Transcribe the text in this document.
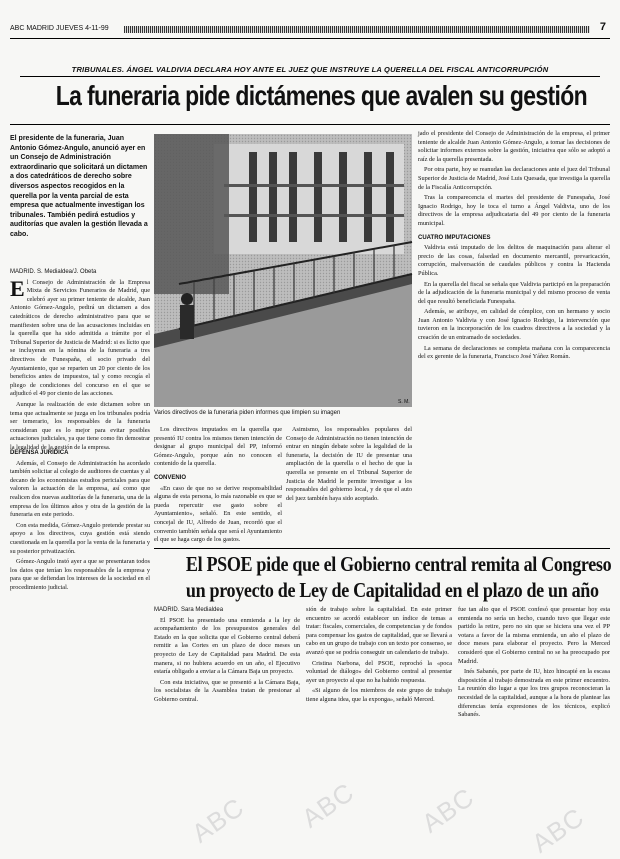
ABC MADRID JUEVES 4-11-99	7
TRIBUNALES. ÁNGEL VALDIVIA DECLARA HOY ANTE EL JUEZ QUE INSTRUYE LA QUERELLA DEL FISCAL ANTICORRUPCIÓN
La funeraria pide dictámenes que avalen su gestión
El presidente de la funeraria, Juan Antonio Gómez-Angulo, anunció ayer en un Consejo de Administración extraordinario que solicitará un dictamen a dos catedráticos de derecho sobre diversos aspectos recogidos en la querella por la venta parcial de esta empresa que actualmente investigan los tribunales. También pedirá estudios y auditorías que avalen la gestión llevada a cabo.
MADRID. S. Medialdea/J. Obeta

El Consejo de Administración de la Empresa Mixta de Servicios Funerarios de Madrid, que celebró ayer su primer teniente de alcalde, Juan Antonio Gómez-Angulo, pedirá un dictamen a dos catedráticos de derecho administrativo para que se manifiesten sobre una de las acusaciones incluidas en la querella que ha sido admitida a trámite por el Tribunal Superior de Justicia de Madrid: si es lícito que se incluyeran en la nómina de la funeraria a tres directivos de Funespaña, el socio privado del Ayuntamiento, que se reparten un 20 por ciento de los beneficios antes de impuestos, tal y como recogía el pliego de condiciones del concurso en el que se adjudicó el 49 por ciento de las acciones.

Aunque la realización de este dictamen sobre un tema que actualmente se juzga en los tribunales podría ser temerario, los responsables de la funeraria consideran que es lo mejor para evitar posibles actuaciones judiciales, ya que tiene como fin demostrar la legalidad de la gestión de la empresa.

DEFENSA JURÍDICA

Además, el Consejo de Administración ha acordado también solicitar al colegio de auditores de cuentas y al decano de los economistas estudios periciales para que valoren la actuación de la empresa, así como que realicen dos nuevas auditorías de la funeraria, una de la empresa de los últimos años y otra de la gestión de la funeraria en este periodo.

Con esta medida, Gómez-Angulo pretende prestar su apoyo a los directivos, cuya gestión está siendo cuestionada en la querella por la venta de la funeraria y su posterior privatización.

Gómez-Angulo instó ayer a que se presentaran todos los datos que tenían los responsables de la empresa y para que se defiendan los intereses de la sociedad en el procedimiento judicial.

S. M.
Varios directivos de la funeraria piden informes que limpien su imagen

Los directivos imputados en la querella que presentó IU contra los mismos tienen intención de designar al grupo municipal del PP, informó Gómez-Angulo, porque aún no conocen el contenido de la querella.

CONVENIO

«En caso de que no se derive responsabilidad alguna de esta persona, lo más razonable es que se pueda repercutir ese gasto sobre el Ayuntamiento», señaló. En este sentido, el concejal de IU, Alfredo de Juan, recordó que el convenio también señala que será el Ayuntamiento el que se haga cargo de los gastos.

Asimismo, los responsables populares del Consejo de Administración no tienen intención de entrar en ningún debate sobre la legalidad de la funeraria, la decisión de IU de presentar una ampliación de la querella o el hecho de que la querella se presente en el Tribunal Superior de Justicia de Madrid le permite investigar a los responsables del gobierno local, y de que el auto del juez también haya sido aceptado.

jado el presidente del Consejo de Administración de la empresa, el primer teniente de alcalde Juan Antonio Gómez-Angulo, a tomar las decisiones de solicitar informes externos sobre la gestión, iniciativa que sólo se adoptó a raíz de la querella presentada.

Por otra parte, hoy se reanudan las declaraciones ante el juez del Tribunal Superior de Justicia de Madrid, José Luis Quesada, que investiga la querella de la Fiscalía Anticorrupción.

Tras la comparecencia el martes del presidente de Funespaña, José Ignacio Rodrigo, hoy le toca el turno a Ángel Valdivia, uno de los directivos de la empresa adjudicataria del 49 por ciento de la funeraria municipal.

CUATRO IMPUTACIONES

Valdivia está imputado de los delitos de maquinación para alterar el precio de las cosas, falsedad en documento mercantil, prevaricación, corrupción, malversación de caudales públicos y contra la Hacienda Pública.

En la querella del fiscal se señala que Valdivia participó en la preparación de la adjudicación de la funeraria municipal y del mismo proceso de venta del que resultó beneficiada Funespaña.

Además, se atribuye, en calidad de cómplice, con un hermano y socio Juan Antonio Valdivia y con José Ignacio Rodrigo, la intervención que tuvieron en la incorporación de los cuadros directivos a la sociedad y la creación de un entramado de sociedades.

La semana de declaraciones se completa mañana con la comparecencia del ex gerente de la funeraria, Francisco José Yáñez Román.

El PSOE pide que el Gobierno central remita al Congreso
un proyecto de Ley de Capitalidad en el plazo de un año
MADRID. Sara Medialdea

El PSOE ha presentado una enmienda a la ley de acompañamiento de los presupuestos generales del Estado en la que solicita que el Gobierno central deberá remitir a las Cortes en un plazo de doce meses un proyecto de Ley de Capitalidad para Madrid. De esta manera, si no hubiera acuerdo en un año, el Ejecutivo estaría obligado a enviar a la Cámara Baja un proyecto.

Con esta iniciativa, que se presentó a la Cámara Baja, los socialistas de la Asamblea tratan de presionar al Gobierno central.

sión de trabajo sobre la capitalidad. En este primer encuentro se acordó establecer un índice de temas a tratar: fiscales, comerciales, de competencias y de fondos para compensar los gastos de capitalidad, que se llevará a cabo en un grupo de trabajo con un texto por consenso, se avanzó que se podría conseguir un calendario de trabajo.

Cristina Narbona, del PSOE, reprochó la «poca voluntad de diálogo» del Gobierno central al presentar ayer un proyecto al que no ha habido respuesta.

«Si alguno de los miembros de este grupo de trabajo tiene alguna idea, que la exponga», señaló Merced.

fue tan alto que el PSOE confesó que presentar hoy esta enmienda no sería un hecho, cuando tuvo que llegar este partido la retire, pero no sin que se hiciera una vez el PP votara a favor de la misma enmienda, un año el plazo de doce meses para elaborar el proyecto. Pero la Merced consideró que el Gobierno central no se ha preocupado por Madrid.

Inés Sabanés, por parte de IU, hizo hincapié en la escasa disposición al trabajo demostrada en este primer encuentro. La reunión dio lugar a que los tres grupos reconocieran la necesidad de la capitalidad, aunque a la hora de plantear las diferencias tenía expresiones de los técnicos, explicó Sabanés.

ABC ABC ABC ABC
